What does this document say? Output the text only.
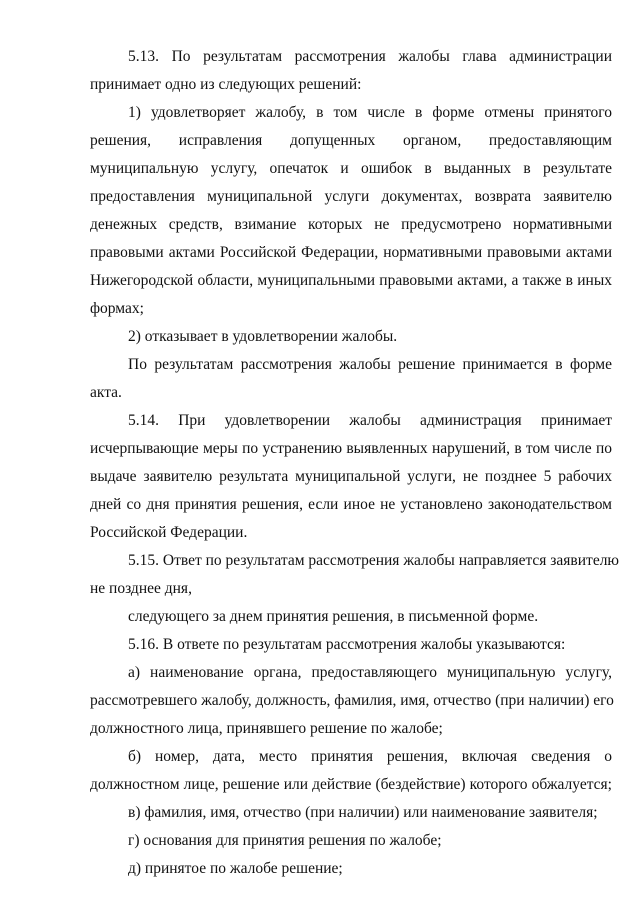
5.13. По результатам рассмотрения жалобы глава администрации
принимает одно из следующих решений:
1) удовлетворяет жалобу, в том числе в форме отмены принятого
решения, исправления допущенных органом, предоставляющим
муниципальную услугу, опечаток и ошибок в выданных в результате
предоставления муниципальной услуги документах, возврата заявителю
денежных средств, взимание которых не предусмотрено нормативными
правовыми актами Российской Федерации, нормативными правовыми актами
Нижегородской области, муниципальными правовыми актами, а также в иных
формах;
2) отказывает в удовлетворении жалобы.
По результатам рассмотрения жалобы решение принимается в форме
акта.
5.14. При удовлетворении жалобы администрация принимает
исчерпывающие меры по устранению выявленных нарушений, в том числе по
выдаче заявителю результата муниципальной услуги, не позднее 5 рабочих
дней со дня принятия решения, если иное не установлено законодательством
Российской Федерации.
5.15. Ответ по результатам рассмотрения жалобы направляется заявителю
не позднее дня,
следующего за днем принятия решения, в письменной форме.
5.16. В ответе по результатам рассмотрения жалобы указываются:
а) наименование органа, предоставляющего муниципальную услугу,
рассмотревшего жалобу, должность, фамилия, имя, отчество (при наличии) его
должностного лица, принявшего решение по жалобе;
б) номер, дата, место принятия решения, включая сведения о
должностном лице, решение или действие (бездействие) которого обжалуется;
в) фамилия, имя, отчество (при наличии) или наименование заявителя;
г) основания для принятия решения по жалобе;
д) принятое по жалобе решение;
